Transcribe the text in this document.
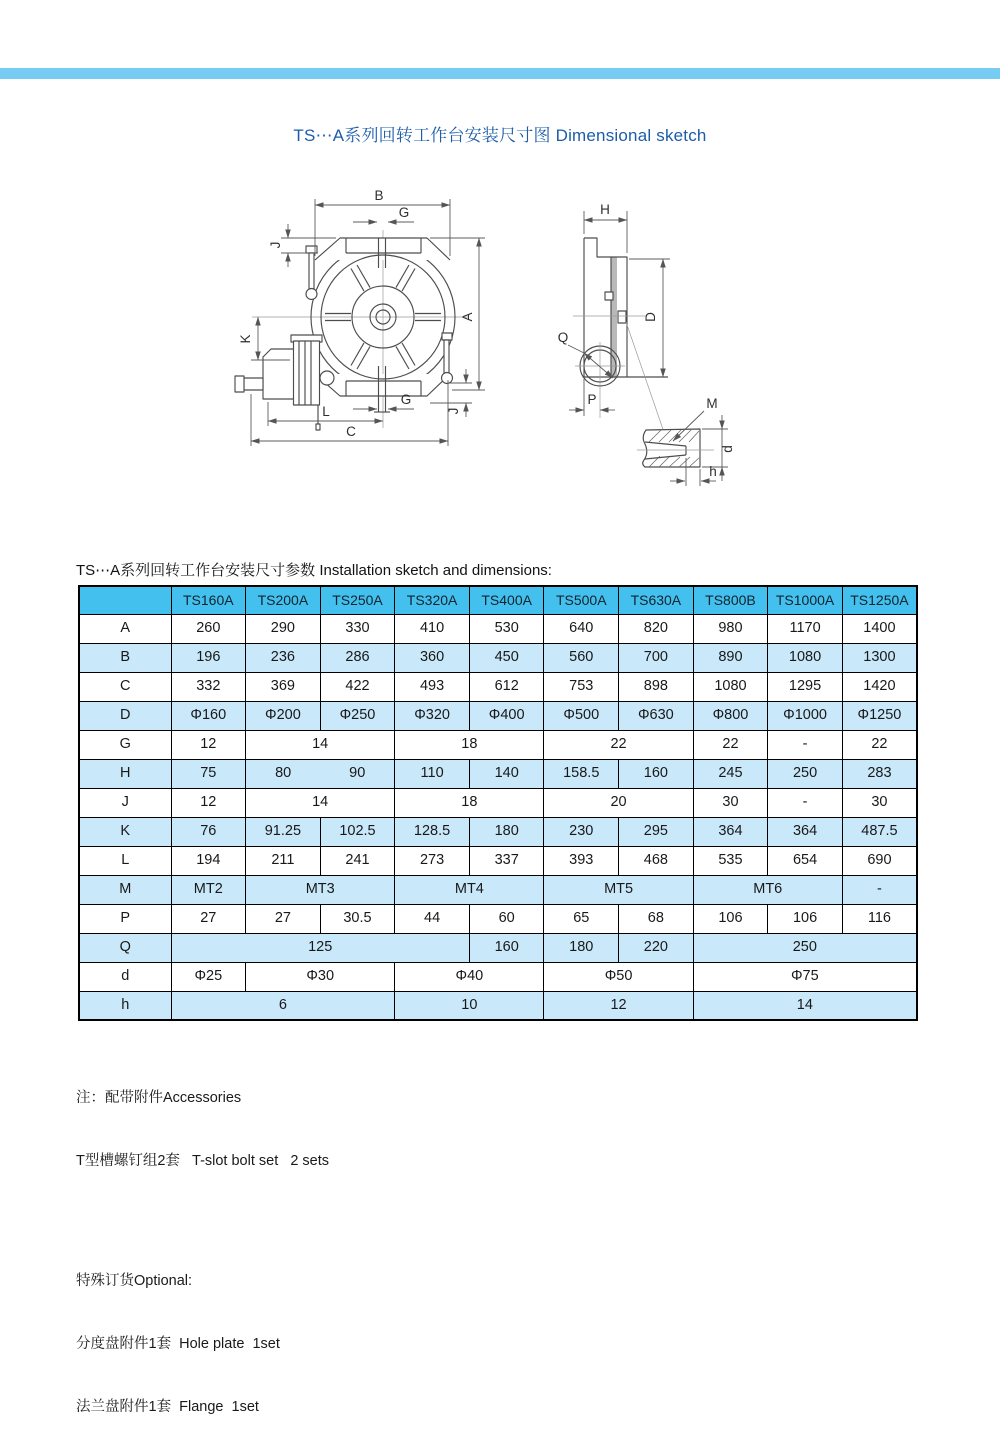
TS⋯A系列回转工作台安装尺寸图 Dimensional sketch
B
G
J
A
K
L
C
G
J
H
D
Q
P	M
d
h
TS⋯A系列回转工作台安装尺寸参数 Installation sketch and dimensions:
	TS160A	TS200A	TS250A	TS320A	TS400A	TS500A	TS630A	TS800B	TS1000A	TS1250A
A	260	290	330	410	530	640	820	980	1170	1400
B	196	236	286	360	450	560	700	890	1080	1300
C	332	369	422	493	612	753	898	1080	1295	1420
D	Φ160	Φ200	Φ250	Φ320	Φ400	Φ500	Φ630	Φ800	Φ1000	Φ1250
G	12	14		18		22		22	-	22
H	75	80	90	110	140	158.5	160	245	250	283
J	12	14		18		20		30	-	30
K	76	91.25	102.5	128.5	180	230	295	364	364	487.5
L	194	211	241	273	337	393	468	535	654	690
M	MT2	MT3		MT4		MT5		MT6		-
P	27	27	30.5	44	60	65	68	106	106	116
Q	125				160	180	220	250		
d	Φ25	Φ30		Φ40		Φ50		Φ75		
h	6			10		12		14		

注：配带附件Accessories

T型槽螺钉组2套   T-slot bolt set   2 sets

特殊订货Optional:

分度盘附件1套  Hole plate  1set

法兰盘附件1套  Flange  1set
